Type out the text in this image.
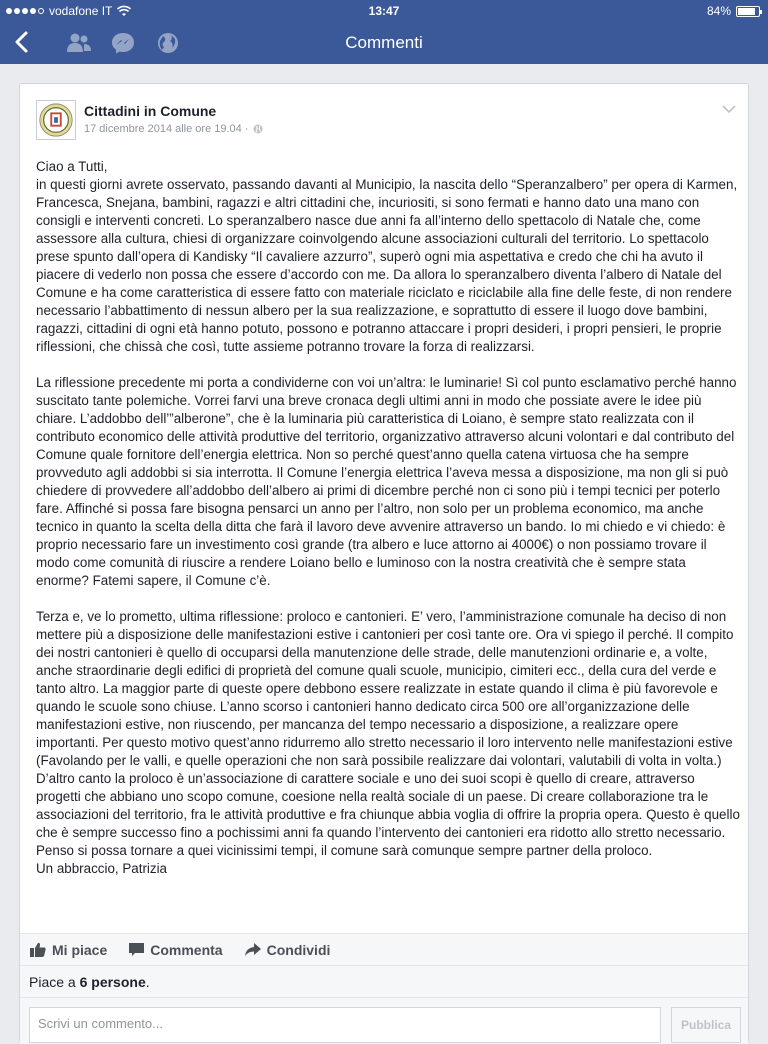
vodafone IT	13:47	84%
Commenti
Cittadini in Comune
17 dicembre 2014 alle ore 19.04 ·

Ciao a Tutti,
in questi giorni avrete osservato, passando davanti al Municipio, la nascita dello “Speranzalbero” per opera di Karmen, Francesca, Snejana, bambini, ragazzi e altri cittadini che, incuriositi, si sono fermati e hanno dato una mano con consigli e interventi concreti. Lo speranzalbero nasce due anni fa all’interno dello spettacolo di Natale che, come assessore alla cultura, chiesi di organizzare coinvolgendo alcune associazioni culturali del territorio. Lo spettacolo prese spunto dall’opera di Kandisky “Il cavaliere azzurro”, superò ogni mia aspettativa e credo che chi ha avuto il piacere di vederlo non possa che essere d’accordo con me. Da allora lo speranzalbero diventa l’albero di Natale del Comune e ha come caratteristica di essere fatto con materiale riciclato e riciclabile alla fine delle feste, di non rendere necessario l’abbattimento di nessun albero per la sua realizzazione, e soprattutto di essere il luogo dove bambini, ragazzi, cittadini di ogni età hanno potuto, possono e potranno attaccare i propri desideri, i propri pensieri, le proprie riflessioni, che chissà che così, tutte assieme potranno trovare la forza di realizzarsi.

La riflessione precedente mi porta a condividerne con voi un’altra: le luminarie! Sì col punto esclamativo perché hanno suscitato tante polemiche. Vorrei farvi una breve cronaca degli ultimi anni in modo che possiate avere le idee più chiare. L’addobbo dell’”alberone”, che è la luminaria più caratteristica di Loiano, è sempre stato realizzata con il contributo economico delle attività produttive del territorio, organizzativo attraverso alcuni volontari e dal contributo del Comune quale fornitore dell’energia elettrica. Non so perché quest’anno quella catena virtuosa che ha sempre provveduto agli addobbi si sia interrotta. Il Comune l’energia elettrica l’aveva messa a disposizione, ma non gli si può chiedere di provvedere all’addobbo dell’albero ai primi di dicembre perché non ci sono più i tempi tecnici per poterlo fare. Affinché si possa fare bisogna pensarci un anno per l’altro, non solo per un problema economico, ma anche tecnico in quanto la scelta della ditta che farà il lavoro deve avvenire attraverso un bando. Io mi chiedo e vi chiedo: è proprio necessario fare un investimento così grande (tra albero e luce attorno ai 4000€) o non possiamo trovare il modo come comunità di riuscire a rendere Loiano bello e luminoso con la nostra creatività che è sempre stata enorme? Fatemi sapere, il Comune c’è.

Terza e, ve lo prometto, ultima riflessione: proloco e cantonieri. E’ vero, l’amministrazione comunale ha deciso di non mettere più a disposizione delle manifestazioni estive i cantonieri per così tante ore. Ora vi spiego il perché. Il compito dei nostri cantonieri è quello di occuparsi della manutenzione delle strade, delle manutenzioni ordinarie e, a volte, anche straordinarie degli edifici di proprietà del comune quali scuole, municipio, cimiteri ecc., della cura del verde e tanto altro. La maggior parte di queste opere debbono essere realizzate in estate quando il clima è più favorevole e quando le scuole sono chiuse. L’anno scorso i cantonieri hanno dedicato circa 500 ore all’organizzazione delle manifestazioni estive, non riuscendo, per mancanza del tempo necessario a disposizione, a realizzare opere importanti. Per questo motivo quest’anno ridurremo allo stretto necessario il loro intervento nelle manifestazioni estive (Favolando per le valli, e quelle operazioni che non sarà possibile realizzare dai volontari, valutabili di volta in volta.) D’altro canto la proloco è un’associazione di carattere sociale e uno dei suoi scopi è quello di creare, attraverso progetti che abbiano uno scopo comune, coesione nella realtà sociale di un paese. Di creare collaborazione tra le associazioni del territorio, fra le attività produttive e fra chiunque abbia voglia di offrire la propria opera. Questo è quello che è sempre successo fino a pochissimi anni fa quando l’intervento dei cantonieri era ridotto allo stretto necessario. Penso si possa tornare a quei vicinissimi tempi, il comune sarà comunque sempre partner della proloco.
Un abbraccio, Patrizia

Mi piace	Commenta	Condividi
Piace a 6 persone.
Scrivi un commento...	Pubblica
